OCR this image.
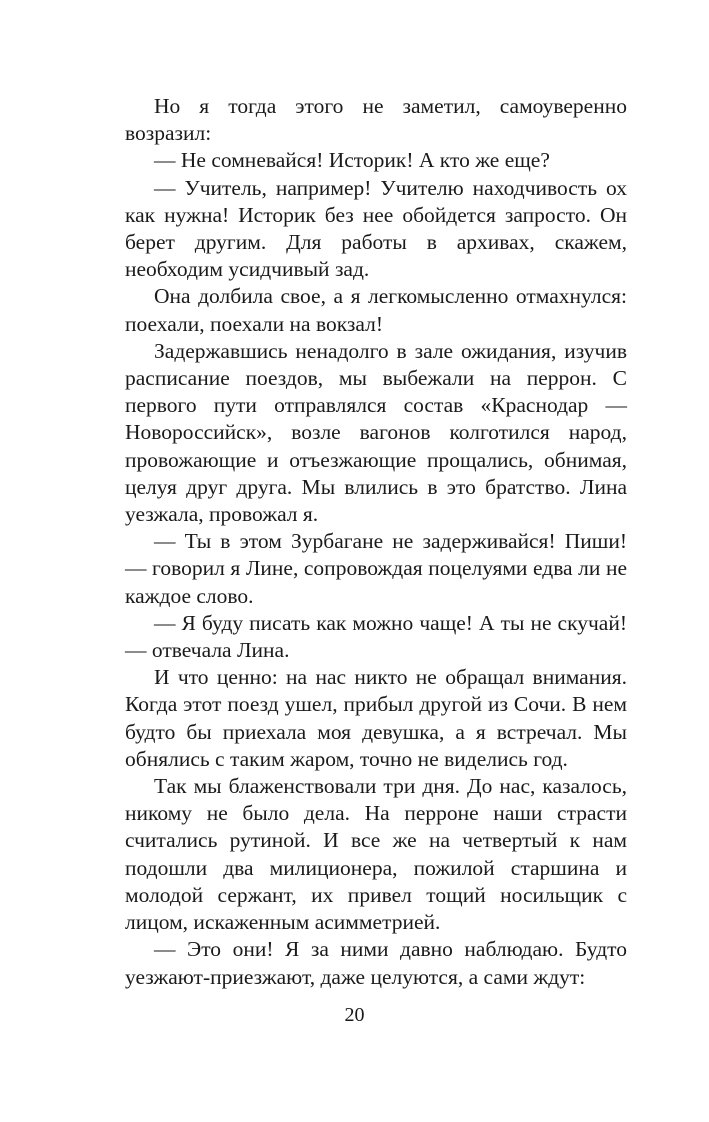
Но я тогда этого не заметил, самоуверенно возразил:

— Не сомневайся! Историк! А кто же еще?

— Учитель, например! Учителю находчивость ох как нужна! Историк без нее обойдется запросто. Он берет другим. Для работы в архивах, скажем, необходим усидчивый зад.

Она долбила свое, а я легкомысленно отмахнулся: поехали, поехали на вокзал!

Задержавшись ненадолго в зале ожидания, изучив расписание поездов, мы выбежали на перрон. С первого пути отправлялся состав «Краснодар — Новороссийск», возле вагонов колготился народ, провожающие и отъезжающие прощались, обнимая, целуя друг друга. Мы влились в это братство. Лина уезжала, провожал я.

— Ты в этом Зурбагане не задерживайся! Пиши! — говорил я Лине, сопровождая поцелуями едва ли не каждое слово.

— Я буду писать как можно чаще! А ты не скучай! — отвечала Лина.

И что ценно: на нас никто не обращал внимания. Когда этот поезд ушел, прибыл другой из Сочи. В нем будто бы приехала моя девушка, а я встречал. Мы обнялись с таким жаром, точно не виделись год.

Так мы блаженствовали три дня. До нас, казалось, никому не было дела. На перроне наши страсти считались рутиной. И все же на четвертый к нам подошли два милиционера, пожилой старшина и молодой сержант, их привел тощий носильщик с лицом, искаженным асимметрией.

— Это они! Я за ними давно наблюдаю. Будто уезжают-приезжают, даже целуются, а сами ждут:

20
